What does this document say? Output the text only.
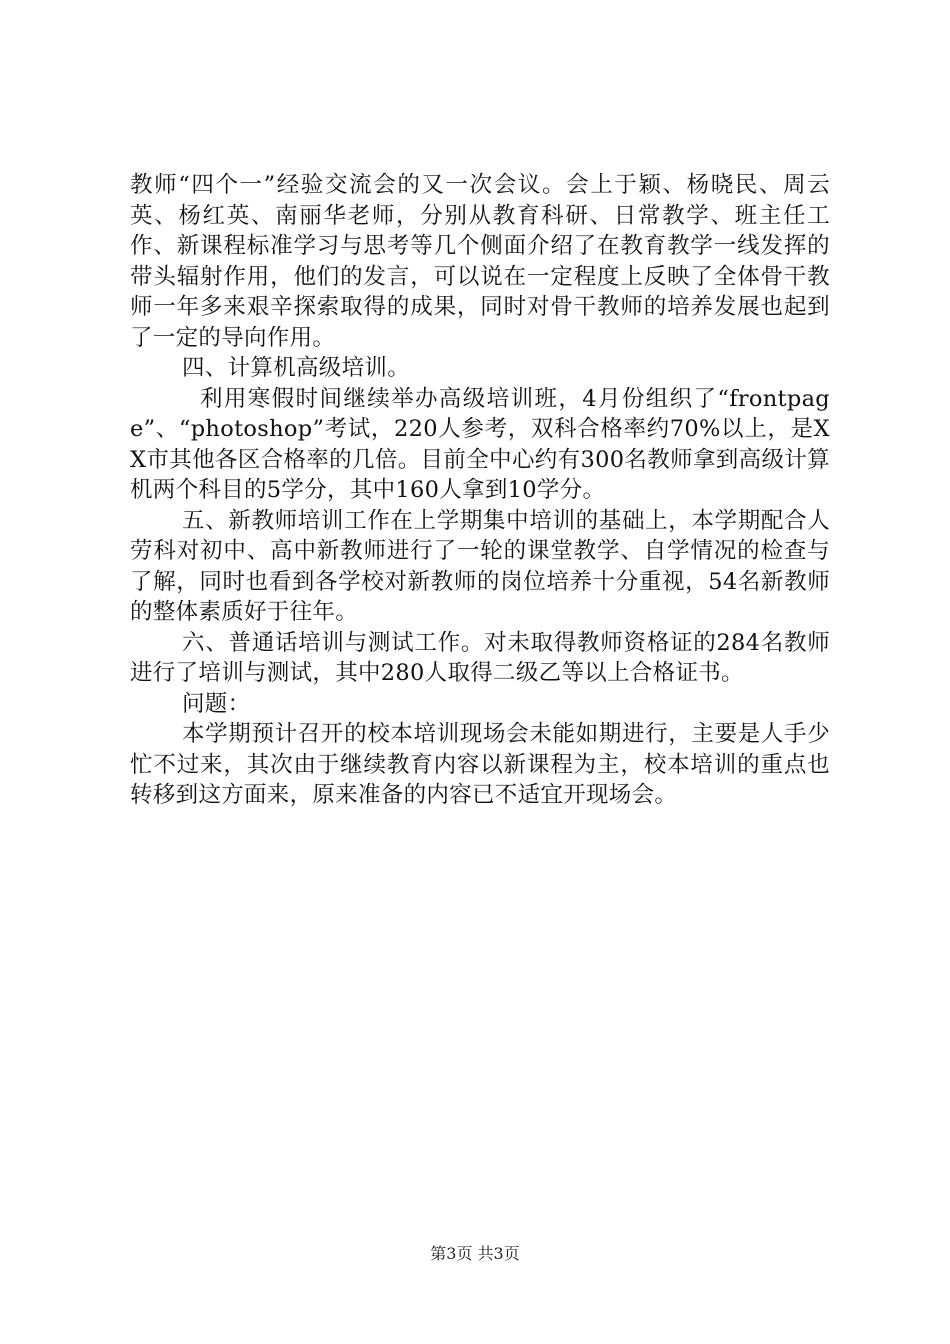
教师“四个一”经验交流会的又一次会议。会上于颖、杨晓民、周云英、杨红英、南丽华老师，分别从教育科研、日常教学、班主任工作、新课程标准学习与思考等几个侧面介绍了在教育教学一线发挥的带头辐射作用，他们的发言，可以说在一定程度上反映了全体骨干教师一年多来艰辛探索取得的成果，同时对骨干教师的培养发展也起到了一定的导向作用。

四、计算机高级培训。

利用寒假时间继续举办高级培训班，4月份组织了“frontpage”、“photoshop”考试，220人参考，双科合格率约70%以上，是XX市其他各区合格率的几倍。目前全中心约有300名教师拿到高级计算机两个科目的5学分，其中160人拿到10学分。

五、新教师培训工作在上学期集中培训的基础上，本学期配合人劳科对初中、高中新教师进行了一轮的课堂教学、自学情况的检查与了解，同时也看到各学校对新教师的岗位培养十分重视，54名新教师的整体素质好于往年。

六、普通话培训与测试工作。对未取得教师资格证的284名教师进行了培训与测试，其中280人取得二级乙等以上合格证书。

问题：

本学期预计召开的校本培训现场会未能如期进行，主要是人手少忙不过来，其次由于继续教育内容以新课程为主，校本培训的重点也转移到这方面来，原来准备的内容已不适宜开现场会。

第3页 共3页
